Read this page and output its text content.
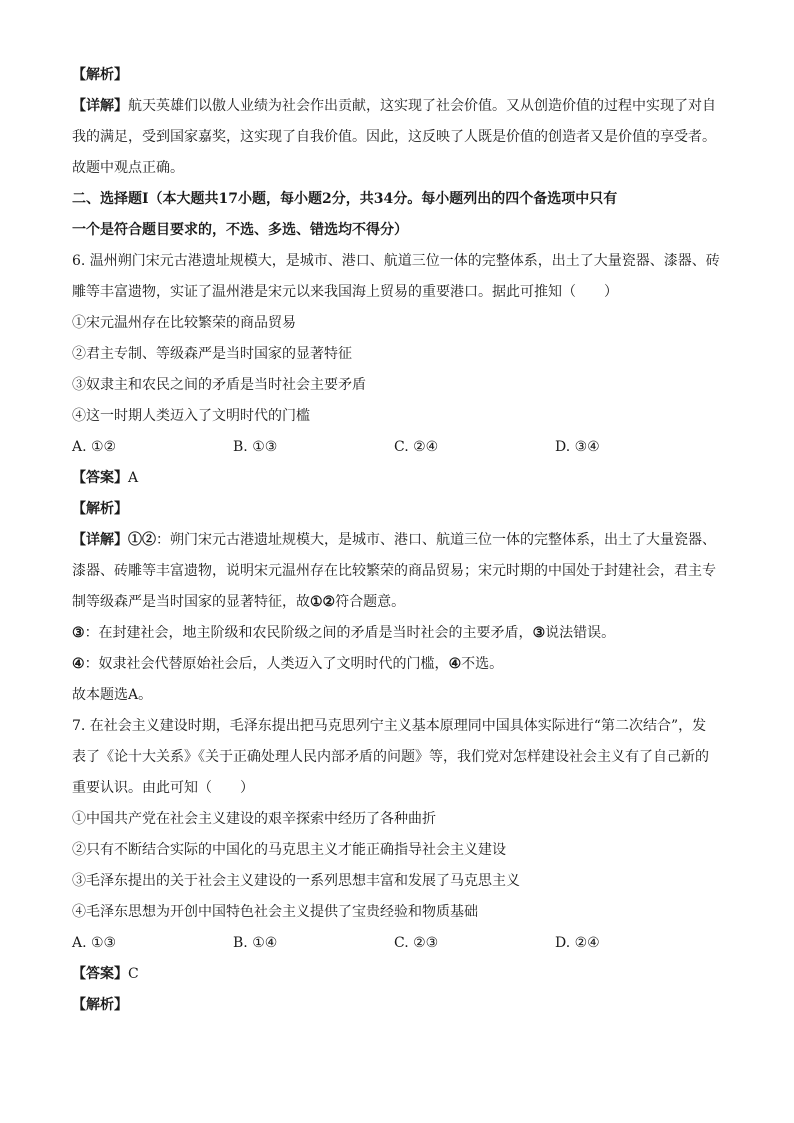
【解析】
【详解】航天英雄们以傲人业绩为社会作出贡献，这实现了社会价值。又从创造价值的过程中实现了对自
我的满足，受到国家嘉奖，这实现了自我价值。因此，这反映了人既是价值的创造者又是价值的享受者。
故题中观点正确。
二、选择题Ⅰ（本大题共17小题，每小题2分，共34分。每小题列出的四个备选项中只有
一个是符合题目要求的，不选、多选、错选均不得分）
6. 温州朔门宋元古港遗址规模大，是城市、港口、航道三位一体的完整体系，出土了大量瓷器、漆器、砖
雕等丰富遗物，实证了温州港是宋元以来我国海上贸易的重要港口。据此可推知（　　）
①宋元温州存在比较繁荣的商品贸易
②君主专制、等级森严是当时国家的显著特征
③奴隶主和农民之间的矛盾是当时社会主要矛盾
④这一时期人类迈入了文明时代的门槛
A. ①②	B. ①③	C. ②④	D. ③④
【答案】A
【解析】
【详解】①②：朔门宋元古港遗址规模大，是城市、港口、航道三位一体的完整体系，出土了大量瓷器、
漆器、砖雕等丰富遗物，说明宋元温州存在比较繁荣的商品贸易；宋元时期的中国处于封建社会，君主专
制等级森严是当时国家的显著特征，故①②符合题意。
③：在封建社会，地主阶级和农民阶级之间的矛盾是当时社会的主要矛盾，③说法错误。
④：奴隶社会代替原始社会后，人类迈入了文明时代的门槛，④不选。
故本题选A。
7. 在社会主义建设时期，毛泽东提出把马克思列宁主义基本原理同中国具体实际进行“第二次结合”，发
表了《论十大关系》《关于正确处理人民内部矛盾的问题》等，我们党对怎样建设社会主义有了自己新的
重要认识。由此可知（　　）
①中国共产党在社会主义建设的艰辛探索中经历了各种曲折
②只有不断结合实际的中国化的马克思主义才能正确指导社会主义建设
③毛泽东提出的关于社会主义建设的一系列思想丰富和发展了马克思主义
④毛泽东思想为开创中国特色社会主义提供了宝贵经验和物质基础
A. ①③	B. ①④	C. ②③	D. ②④
【答案】C
【解析】
